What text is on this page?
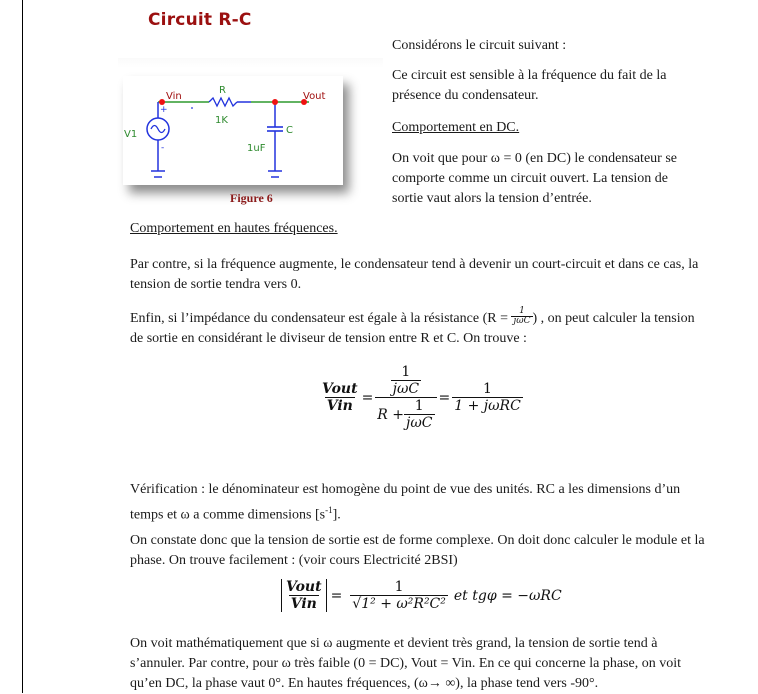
Circuit R-C
Vin	Vout
R
1K
C
1uF
V1
+
-
Figure 6
Considérons le circuit suivant :
Ce circuit est sensible à la fréquence du fait de la présence du condensateur.
Comportement en DC.
On voit que pour ω = 0 (en DC) le condensateur se comporte comme un circuit ouvert. La tension de sortie vaut alors la tension d’entrée.
Comportement en hautes fréquences.
Par contre, si la fréquence augmente, le condensateur tend à devenir un court-circuit et dans ce cas, la tension de sortie tendra vers 0.
Enfin, si l’impédance du condensateur est égale à la résistance ($R = \frac{1}{\text{jωC}}$ ) , on peut calculer la tension de sortie en considérant le diviseur de tension entre R et C. On trouve :
$\frac{\text{Vout}}{\text{Vin}} = \frac{\frac{1}{\text{jωC}}}{R + \frac{1}{\text{jωC}}} = \frac{1}{\text{1 + jωRC}}$
Vérification : le dénominateur est homogène du point de vue des unités. RC a les dimensions d’un temps et ω a comme dimensions $[s^{-1}]$.
On constate donc que la tension de sortie est de forme complexe. On doit donc calculer le module et la phase. On trouve facilement : (voir cours Electricité 2BSI)
$\frac{\text{Vout}}{\text{Vin}} = \frac{1}{\text{√1² + ω²R²C²}}$ et tgφ = −ωRC
On voit mathématiquement que si ω augmente et devient très grand, la tension de sortie tend à s’annuler. Par contre, pour ω très faible (0 = DC), Vout = Vin. En ce qui concerne la phase, on voit qu’en DC, la phase vaut 0°. En hautes fréquences, (ω→ ∞), la phase tend vers -90°.
